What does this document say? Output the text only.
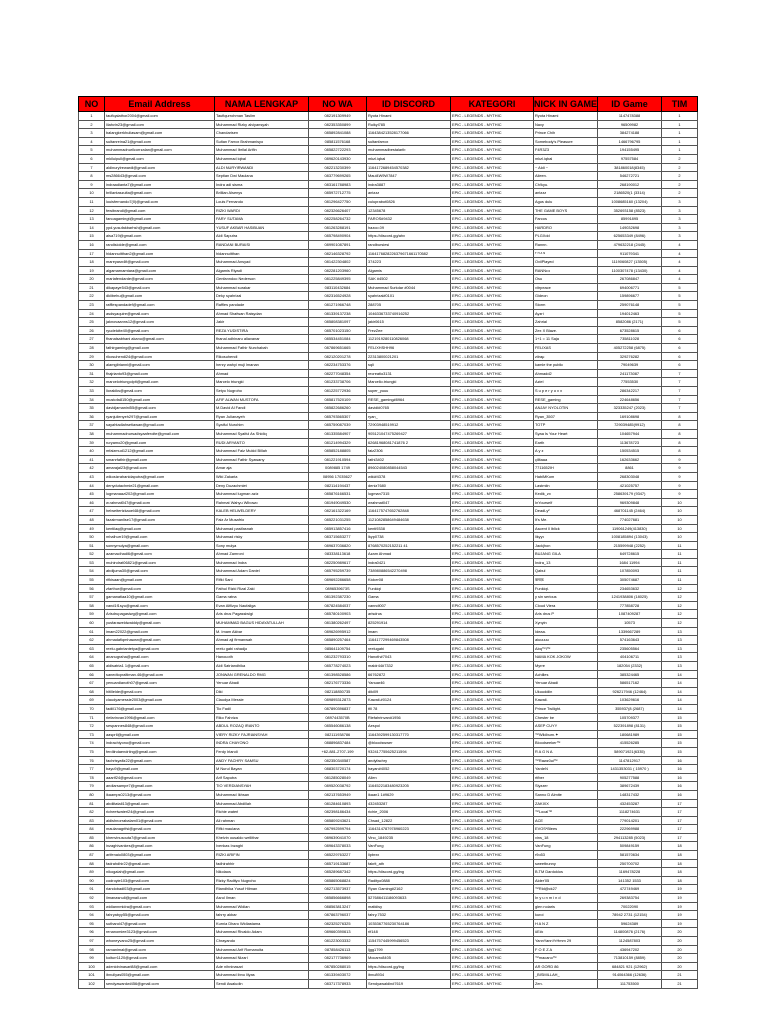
NO	Email Address	NAMA LENGKAP	NO WA	ID DISCORD	KATEGORI	NICK IN GAME	ID Game	TIM
1	taufiqalathor2004@gmail.com	Taufiqurrohman Taslim	082191309949	Ryota Hinami	EPIC - LEGENDS - MYTHIC	Ryota Hinami	1147478388	1
2	liiahvin23@gmail.com	Muhammad Rizky alviyansyah	082353350899	Ruikyi785	EPIC - LEGENDS - MYTHIC	Navy	96509982	1
3	balangkerkhuliasam@gmail.com	Chandarisen	085892841088	1164384213528177066	EPIC - LEGENDS - MYTHIC	Prince Chih	384274188	1
4	sultanreina21@gmail.com	Sultan Farrox Brahmanisyo	085811576168	sultanfarrox	EPIC - LEGENDS - MYTHIC	Somebody's Pleasure	1466796795	1
5	muhammadnurilcorrzalan@gmail.com	Muhammad Ibrilal Arifin	085822722293	muhammadbestalarib	EPIC - LEGENDS - MYTHIC	F4R3Z3	194155495	1
6	mkiluipull@gmail.com	Muhammad iqbal	089620143930	mkzl.iqbal	EPIC - LEGENDS - MYTHIC	mkzl.iqbal	97557584	2
7	aldinurylrewardi@gmail.com	ALDI NURYIRWANDI	082213230399	1164172689454570382	EPIC - LEGENDS - MYTHIC	~ Aldi ~	381860018(8345)	2
8	ms286643@gmail.com	Septian Dwi Maulana	083779699265	Maul4W9W7847	EPIC - LEGENDS - MYTHIC	Aileen.	546272721	2
9	indraadianta7@gmail.com	Indra adi sisma	083161788983	indra3887	EPIC - LEGENDS - MYTHIC	Ch!kyu.	268190012	2
10	brillantaszulta@gmail.com	Brillian Alsenys	085972712775	antzzz	EPIC - LEGENDS - MYTHIC	antzzz	2186520(1 (3314)	2
11	louisfernando7(0)@gmail.com	Louis Fernando	081296427750	culuprabot0826	EPIC - LEGENDS - MYTHIC	Agus dulu	1008685160 (13204)	3
12	fewibrandi@gmail.com	RIZKI WARDI	082326626407	12345678	EPIC - LEGENDS - MYTHIC	THE GAME BOYS	352693158 (8523)	3
13	fanoagamingt@gmail.com	FARY SUTAMA	082258264732	FAROS#9432	EPIC - LEGENDS - MYTHIC	Farcos	85991895	3
14	ypd.yusufakbarhsh@gmail.com	YUSUF AKBAR HASIBUAN	081263288191	hazoo.09	EPIC - LEGENDS - MYTHIC	HARDRO	149032698	3
15	aisa719@gmail.com	Aldi Saputra	085798490904	https://discord.gg/ahx	EPIC - LEGENDS - MYTHIC	PLGXdd	625653349 (8496)	3
16	randisiolde@gmail.com	RANDANI BURAISI	089901087891	randbursiesi	EPIC - LEGENDS - MYTHIC	Rannn.	479632218 (2445)	4
17	hidannuitthan2@gmail.com	hidannuitthan	082146328792	1164176828226379671661170582	EPIC - LEGENDS - MYTHIC	ᵀ ᴴ ᴬ ᴺ	911079341	4
18	mareyasn4fi@gmail.com	Muhammad Ansyad	081422304802	374223	EPIC - LEGENDS - MYTHIC	OxilPlayed	1119060827 (13505)	4
19	algamarnamtara@gmail.com	Algamis Riyadi	082281203960	Algamis	EPIC - LEGENDS - MYTHIC	RANN•••	1100307478 (13430)	4
20	mariafendarde@gmail.com	Genfanndoo Nederson	081225849395	SAK #4502	EPIC - LEGENDS - MYTHIC	Osu	267086847	4
21	dikapaye543@gmail.com	Muhammad surakar	083110432684	Muhammad Surkdar #0044	EPIC - LEGENDS - MYTHIC	vitrpeace	694006771	5
22	dkiibehu@gmail.com	Deky syahrizal	082316524928	syahrizal#0101	EPIC - LEGENDS - MYTHIC	Gideon	159896677	5
23	rafflespandadef@gmail.com	Raffles pandade	081271966748	288705	EPIC - LEGENDS - MYTHIC	Storm	259076148	5
24	asdsyaquire@gmail.com	Ahmad Shafwan Raisydan	081339137238	1046336733740916252	EPIC - LEGENDS - MYTHIC	Ayzri	194012463	5
25	jaknovaanns12@gmail.com	Jakir	085808381097	jakir0615	EPIC - LEGENDS - MYTHIC	Zahrial	8582086 (2171)	5
26	ryudelcite40@gmail.com	REZA YUDISTIRA	085701023150	FrezZee	EPIC - LEGENDS - MYTHIC	Zex X Blaze.	673528615	6
27	fhanalsabhani akanu@gmail.com	fhanal adhinaru aliavanar	085534451084	1121919280110826068	EPIC - LEGENDS - MYTHIC	1+1 = 11 Saja	735811028	6
28	fathirgaming@gmail.com	Muhammad Fathir Nurchabah	087869651665	FELIXHSHH96	EPIC - LEGENDS - MYTHIC	FELIXAS	405272258 (6875)	6
29	rikosuhendi24@gmail.com	Rikosuhendi	082120201278	22313800021201	EPIC - LEGENDS - MYTHIC	ziiraμ	329276282	6
30	alamgibtanni@gmail.com	henry wahyi muji lmanan	082234753376	sqli	EPIC - LEGENDS - MYTHIC	kamle the public	79049639	6
31	fhajrianto93@gmail.com	Ahmad	082277048354	recreatio3131	EPIC - LEGENDS - MYTHIC	Ahmadd2	241173087	7
32	marcelotriungolpit@gmail.com	Marcelo triungki	081233738706	Marcello.triungki	EPIC - LEGENDS - MYTHIC	Aziel	77553530	7
33	liorakiks@gmail.com	Setyo Nugroho	081225772936	super_yuuu	EPIC - LEGENDS - MYTHIC	S u p e r y o x x	286342217	7
34	mustofa8150@gmail.com	AFIF ALWAN MUSTOFA	085817520109	RESE_gaming#8964	EPIC - LEGENDS - MYTHIC	RESE_gaming	224648656	7
35	davidjamanini55@gmail.com	M.David Al Fandi	085822686260	davidi#0765	EPIC - LEGENDS - MYTHIC	ANJAY NYOLOTIN	323335247 (2023)	7
36	ryanjulienyeh297@gmail.com	Ryan Julianayeh	085793565307	ryan_	EPIC - LEGENDS - MYTHIC	Ryan_3507	169108698	8
37	sayahtadiahsetiawan@gmail.com	Syaiful Nurohim	085759087039	72903948519912	EPIC - LEGENDS - MYTHIC	TOTP	729039485(9912)	8
38	muhammadnursadsyaaferoite@gmail.com	Muhammad Syaiful As Shidiq	081335584907	905121047475269427	EPIC - LEGENDS - MYTHIC	Syaa Is Your Heart	104657944	8
39	ruryamo20@gmail.com	RUDI ARYANTO	081214994329	62681968081741876 2	EPIC - LEGENDS - MYTHIC	Earth	113678723	8
40	mfaizmud1212@gmail.com	Muhammad Faiz Mukid Billah	085852188805	faiz2306	EPIC - LEGENDS - MYTHIC	A y z	150534515	8
41	smanrfathir@gmail.com	Muhammad Fathir Syawany	081221910594	fathi3402	EPIC - LEGENDS - MYTHIC	çilltaaa	162633662	9
42	amarajal23@gmail.com	Amar aja	0089885 1749	896024080858044543	EPIC - LEGENDS - MYTHIC	7711652IH	8861	9
43	wikosizrahanidaputra@gmail.com	Wiki Zakaria	08956 17035627	wiki#4378	EPIC - LEGENDS - MYTHIC	HabiMKom	268303048	9
44	denydutachmie21@gmail.com	Deny Duzachmiet	082114194437	deniz7680	EPIC - LEGENDS - MYTHIC	Lastmiin	421025757	9
45	lugmanaazi202@gmail.com	Muhammad lugman aziz	085876166531	lugman7315	EPIC - LEGENDS - MYTHIC	Kedik_zx	258639179 (9347)	9
46	w.rahmat047@gmail.com	Rahmat Wahyu Wibowo	081949049530	wrahmat047	EPIC - LEGENDS - MYTHIC	InYourself	969309848	10
47	helweitertzkaoel48@gmail.com	KALEB HELWELDERY	082161322169	1164175747652762848	EPIC - LEGENDS - MYTHIC	DeadLy²	468701145 (2464)	10
48	fazairmanlise17@gmail.com	Faiz Ar Musafrio	085221031255	1121082858649484638	EPIC - LEGENDS - MYTHIC	It's Me.	774027681	10
49	kentilaq@gmail.com	Muhamad pasifasnah	085913857416	kenti9338	EPIC - LEGENDS - MYTHIC	Ascent ll Iblick	119061249(413830)	10
50	mhalhurr19@gmail.com	Muhamad risky	083715653277	lkyp0738	EPIC - LEGENDS - MYTHIC	likyy•	1008185894 (13043)	10
51	sonnymulya@gmail.com	Sony mulya	089637036820	8768570252152211 41	EPIC - LEGENDS - MYTHIC	Jackjhon	215599948 (2252)	11
52	azamacihadi6@gmail.com	Ahmad Zamroni	083338113618	Azam Ahmad	EPIC - LEGENDS - MYTHIC	BUJANG GILA	649728615	11
53	muhindrat06821@gmail.com	Muhammad Indra	082250989617	indra0421	EPIC - LEGENDS - MYTHIC	Indra_13	1684 11994	11
54	abdijuma30@gmail.com	Muhammad Adam Daniel	085795259739	738980886542270498	EPIC - LEGENDS - MYTHIC	Qabul	107850093	11
55	rifkisaan@gmail.com	Rifki Sani	089692286658	Kicker08	EPIC - LEGENDS - MYTHIC	क्लाफ़	305074687	11
56	zfarthur@gmail.com	Fathul Rizki Rizal Zaki	0896539673S	Funkiqt	EPIC - LEGENDS - MYTHIC	Funkiqt.	234653632	12
57	gamanatiaa10@gmail.com	Gama ratna	081392387230	Gama	EPIC - LEGENDS - MYTHIC	y sin serious	1241938806 (18025)	12
58	vand1f1syu@gmail.com	Evan Alfilzyu Naufaliga	087824584037	vanndl007	EPIC - LEGENDS - MYTHIC	Cloud Viera	777858728	12
59	Arisdrupagasiwg@gmail.com	Aris drus Pagassiwigi	085780100903	arisdrus	EPIC - LEGENDS - MYTHIC	Aris drus P	1087409287	12
60	yusfaraweldwaiddy@gmail.com	MUHAMMAD BAGUS HIDAYATULLAH	081380262497	825291914	EPIC - LEGENDS - MYTHIC	Xynyin	10573	12
61	imam22022@gmail.com	M. Imam Akbar	089626995912	imam	EPIC - LEGENDS - MYTHIC	Ideaa.	1339667289	13
62	ahmadafiqmhawan@gmail.com	Ahmad aji firmanwah	085890257464	1164177299469843508	EPIC - LEGENDS - MYTHIC	aiuuuuu	574163643	13
63	reelu.gabriantetya@gmail.com	reelu gabi rahadjo	085641109754	reelugabi	EPIC - LEGENDS - MYTHIC	Abq™l™	235605564	13
64	ananugraha@gmail.com	Hanouoth	081232793310	Hanoth#7043	EPIC - LEGENDS - MYTHIC	NAMA KOK JOKOW	404106711	13
65	aldisatria1 1@gmail.com	Aldi Satriandhika	085778274023	maldr44#7332	EPIC - LEGENDS - MYTHIC	Myrre	182054 (2332)	13
66	sanedtopraltiman.46@gmail.com	JONWAN GRENALDO RMG	081398528586	66762872	EPIC - LEGENDS - MYTHIC	Achilles	385324465	14
67	yenuardianoth07@gmail.com	Yenuar Abadi	082176773336	Yanuar46	EPIC - LEGENDS - MYTHIC	Yenuar Abadi	586517162	14
68	hitillelde@gmail.com	Diki	082118850735	diki09	EPIC - LEGENDS - MYTHIC	Ukuuddiin	926217946 (12464)	14
69	claudyamessie2003@gmail.com	Claudya Messie	089895312873	Kawaii.#0124	EPIC - LEGENDS - MYTHIC	Kawaii.	103629616	14
70	fadiil176@gmail.com	Tio Fadil	087890396837	tfil 78	EPIC - LEGENDS - MYTHIC	Prince Twilight.	355937(8 (2687)	14
71	riefarinvan1996@gmail.com	Riko Fahriza	0897443570B	Riefahrinvan#1956	EPIC - LEGENDS - MYTHIC	Chester be	105709377	15
72	sespannes848@gmail.com	ABDUL ROZAQ IRANTO	085546086138	Aespol	EPIC - LEGENDS - MYTHIC	ASEP CUYY	522391898 (8131)	15
73	aaspril@gmail.com	VIERY RIZKY FAJRIANSYAH	082111938786	1164392599130317770	EPIC - LEGENDS - MYTHIC	™Wildbum.✦	180681989	15
74	indrachiyono@gmail.com	INDRA CHAYONO	088896837484	@bloodswwer	EPIC - LEGENDS - MYTHIC	Bloodseeker™	415526285	15
75	ferdilndaendriing@gmail.com	Ferdy Irlandi	+62-881-2707-199	932417755625211594	EPIC - LEGENDS - MYTHIC	R A G N A	589071921(6335)	15
76	fachrisyafiz22@gmail.com	ANDY FACHRY SAMSU	082350340587	andyfachry	EPIC - LEGENDS - MYTHIC	™Rawz0ui™	1147812917	16
77	bayu9@gmail.com	M Nurul Bayan	088303720174	bayan#4052	EPIC - LEGENDS - MYTHIC	YardeN	1431353031 ( 15970 )	16
78	aaarif24@gmail.com	Arif Saputra	081285028049	Allen	EPIC - LEGENDS - MYTHIC	rtfber	905277588	16
79	andiarsampe7@gmail.com	TIO VERDIANSYAH	089520038792	1164522183480923205	EPIC - LEGENDS - MYTHIC	Slyzzer	389672439	16
80	ikaamps0213@gmail.com	Muhammad Ikhsan	082137653949	ikaan1 1#9629	EPIC - LEGENDS - MYTHIC	Sanno D Almite	148317432	16
81	abdiitatali13@gmail.com	Muhammad Abdillah	081284610893	432453287	EPIC - LEGENDS - MYTHIC	ZAKIXX	432453287	17
82	richeetwaterl24@gmail.com	Richie waterl	082398186434	richie_2006	EPIC - LEGENDS - MYTHIC	™Local™	1118274631	17
83	aldishnorrabalam01@gmail.com	Ali rahman	085809243621	Chsad_12822	EPIC - LEGENDS - MYTHIC	ACE	779014201	17
84	maulanagrifsi@gmail.com	Rifki maulana	087992599794	1164314787978960223	EPIC - LEGENDS - MYTHIC	EVOS*Blees	222969988	17
85	khenvinusouta7@gmail.com	Khelvin ousaldo wellithar	089639041070	Vino_1849235	EPIC - LEGENDS - MYTHIC	vins_18	294113285 (5023)	17
86	inzaghivankes@gmail.com	Ivenkas Inzaghi	089643378033	VanFung	EPIC - LEGENDS - MYTHIC	VanFung	509849159	18
87	arifenaio0803@gmail.com	RIZKI ARIFIN	085229763227	lipbrxx	EPIC - LEGENDS - MYTHIC	r9o53	581570634	18
88	fadrahdhir22@gmail.com	fadhirahhir	085719133687	fakrit_ath	EPIC - LEGENDS - MYTHIC	sweetbunny	250700702	18
89	nikogalah@gmail.com	Nikolaos	085289687342	https://discord.gg/ing	EPIC - LEGENDS - MYTHIC	B.TM Dardoklos	1169478228	18
90	codroyie103@gmail.com	Rizky Radityo Nugroho	085865068824	Radityo0888	EPIC - LEGENDS - MYTHIC	Alder'05	141352 1533	18
91	rlandobadi03@gmail.com	Riandhika Yusuf Hilman	082713573937	Ryan Gaming#2162	EPIC - LEGENDS - MYTHIC	™Rld@ck27	472749469	19
92	iimanasnuli@gmail.com	Asrul Ilman	085856666898	527686411186093633	EPIC - LEGENDS - MYTHIC	In y u n m i n d	269383754	19
93	widiannmidra@gmail.com	Muhammad Widian	088563813247	matkiisy	EPIC - LEGENDS - MYTHIC	glen noiaris	70022090	19
94	fahryabyy55@gmail.com	fahrry akbar	087863796037	fahry.7532	EPIC - LEGENDS - MYTHIC	kuroi	78942 2731 (12154)	19
95	sutharol47@gmail.com	Kurnia Dharo Widiastama	082325276325	1035367765230764186	EPIC - LEGENDS - MYTHIC	H A N Z	59624389	19
96	renanomiee3123@gmail.com	Muhammad Rivaldo Adam	089660390613	rif148	EPIC - LEGENDS - MYTHIC	üE#•	114800876 (2176)	20
97	whoneyvano25@gmail.com	Chrayando	081223003332	1154757445999456523	EPIC - LEGENDS - MYTHIC	YannYannYrHmm 29	1124587803	20
98	ramanimal@gmail.com	Muhammad Arif Romanuita	087858426113	ljgg1799	EPIC - LEGENDS - MYTHIC	F O E Z A	436947202	20
99	koiturr1120@gmail.com	Muhammad Nizari	082177736969	Mocarro8405	EPIC - LEGENDS - MYTHIC	™macano™	713810159 (8859)	20
100	adenidninasari88@gmail.com	Ade nihninasari	087850288015	https://discord.gg/ing	EPIC - LEGENDS - MYTHIC	AR GORD 86	684821 921 (12962)	20
101	ibnullyas055@gmail.com	Muhammad ibnu lilyas	081339403072	ibnu8934	EPIC - LEGENDS - MYTHIC	_BISMILLAH_	914064366 (12636)	21
102	sendyawardwi456@gmail.com	Sendi Awaludin	083717378933	Sendyawaldin#7619	EPIC - LEGENDS - MYTHIC	Zen.	111753500	21
